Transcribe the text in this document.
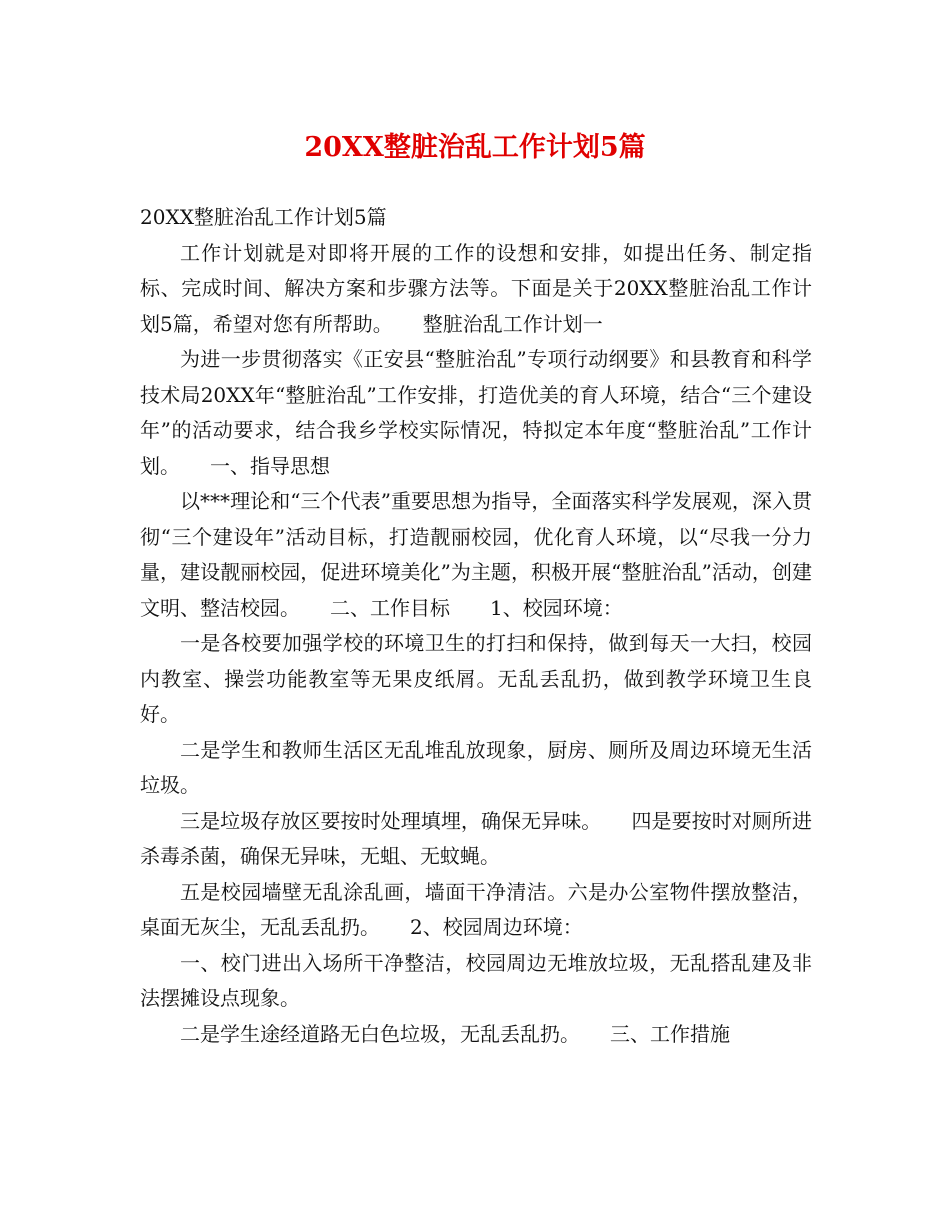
20XX整脏治乱工作计划5篇

20XX整脏治乱工作计划5篇

工作计划就是对即将开展的工作的设想和安排，如提出任务、制定指标、完成时间、解决方案和步骤方法等。下面是关于20XX整脏治乱工作计划5篇，希望对您有所帮助。　　整脏治乱工作计划一

为进一步贯彻落实《正安县“整脏治乱”专项行动纲要》和县教育和科学技术局20XX年“整脏治乱”工作安排，打造优美的育人环境，结合“三个建设年”的活动要求，结合我乡学校实际情况，特拟定本年度“整脏治乱”工作计划。　　一、指导思想

以***理论和“三个代表”重要思想为指导，全面落实科学发展观，深入贯彻“三个建设年”活动目标，打造靓丽校园，优化育人环境，以“尽我一分力量，建设靓丽校园，促进环境美化”为主题，积极开展“整脏治乱”活动，创建文明、整洁校园。　　二、工作目标　　1、校园环境：

一是各校要加强学校的环境卫生的打扫和保持，做到每天一大扫，校园内教室、操尝功能教室等无果皮纸屑。无乱丢乱扔，做到教学环境卫生良好。

二是学生和教师生活区无乱堆乱放现象，厨房、厕所及周边环境无生活垃圾。

三是垃圾存放区要按时处理填埋，确保无异味。　　四是要按时对厕所进杀毒杀菌，确保无异味，无蛆、无蚊蝇。

五是校园墙壁无乱涂乱画，墙面干净清洁。六是办公室物件摆放整洁，桌面无灰尘，无乱丢乱扔。　　2、校园周边环境：

一、校门进出入场所干净整洁，校园周边无堆放垃圾，无乱搭乱建及非法摆摊设点现象。

二是学生途经道路无白色垃圾，无乱丢乱扔。　　三、工作措施
